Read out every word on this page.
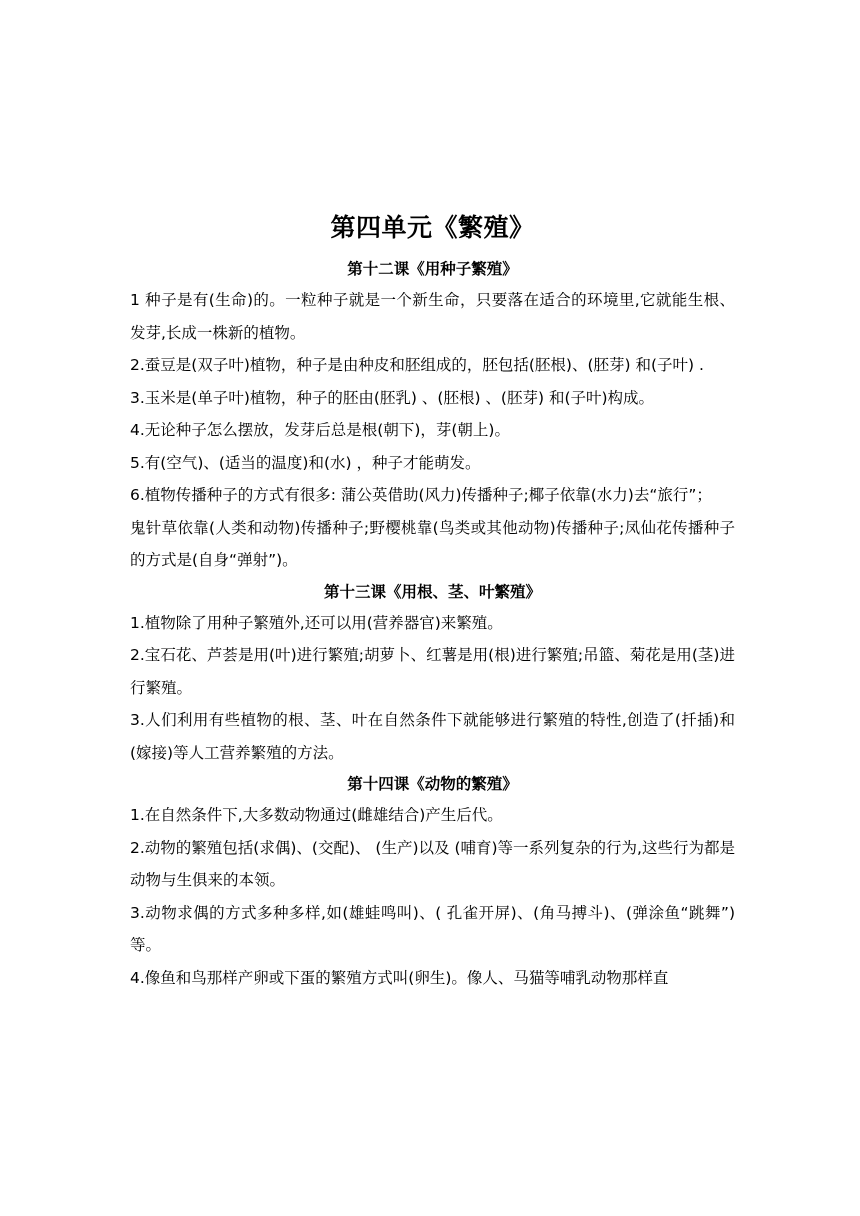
第四单元《繁殖》
第十二课《用种子繁殖》

1 种子是有(生命)的。一粒种子就是一个新生命，只要落在适合的环境里,它就能生根、发芽,长成一株新的植物。

2.蚕豆是(双子叶)植物，种子是由种皮和胚组成的，胚包括(胚根)、(胚芽) 和(子叶) .

3.玉米是(单子叶)植物，种子的胚由(胚乳) 、(胚根) 、(胚芽) 和(子叶)构成。

4.无论种子怎么摆放，发芽后总是根(朝下)，芽(朝上)。

5.有(空气)、(适当的温度)和(水) ，种子才能萌发。

6.植物传播种子的方式有很多: 蒲公英借助(风力)传播种子;椰子依靠(水力)去“旅行”；

鬼针草依靠(人类和动物)传播种子;野樱桃靠(鸟类或其他动物)传播种子;凤仙花传播种子的方式是(自身“弹射”)。

第十三课《用根、茎、叶繁殖》

1.植物除了用种子繁殖外,还可以用(营养器官)来繁殖。

2.宝石花、芦荟是用(叶)进行繁殖;胡萝卜、红薯是用(根)进行繁殖;吊篮、菊花是用(茎)进行繁殖。

3.人们利用有些植物的根、茎、叶在自然条件下就能够进行繁殖的特性,创造了(扦插)和(嫁接)等人工营养繁殖的方法。

第十四课《动物的繁殖》

1.在自然条件下,大多数动物通过(雌雄结合)产生后代。

2.动物的繁殖包括(求偶)、(交配)、 (生产)以及 (哺育)等一系列复杂的行为,这些行为都是动物与生俱来的本领。

3.动物求偶的方式多种多样,如(雄蛙鸣叫)、( 孔雀开屏)、(角马搏斗)、(弹涂鱼“跳舞”)等。

4.像鱼和鸟那样产卵或下蛋的繁殖方式叫(卵生)。像人、马猫等哺乳动物那样直
